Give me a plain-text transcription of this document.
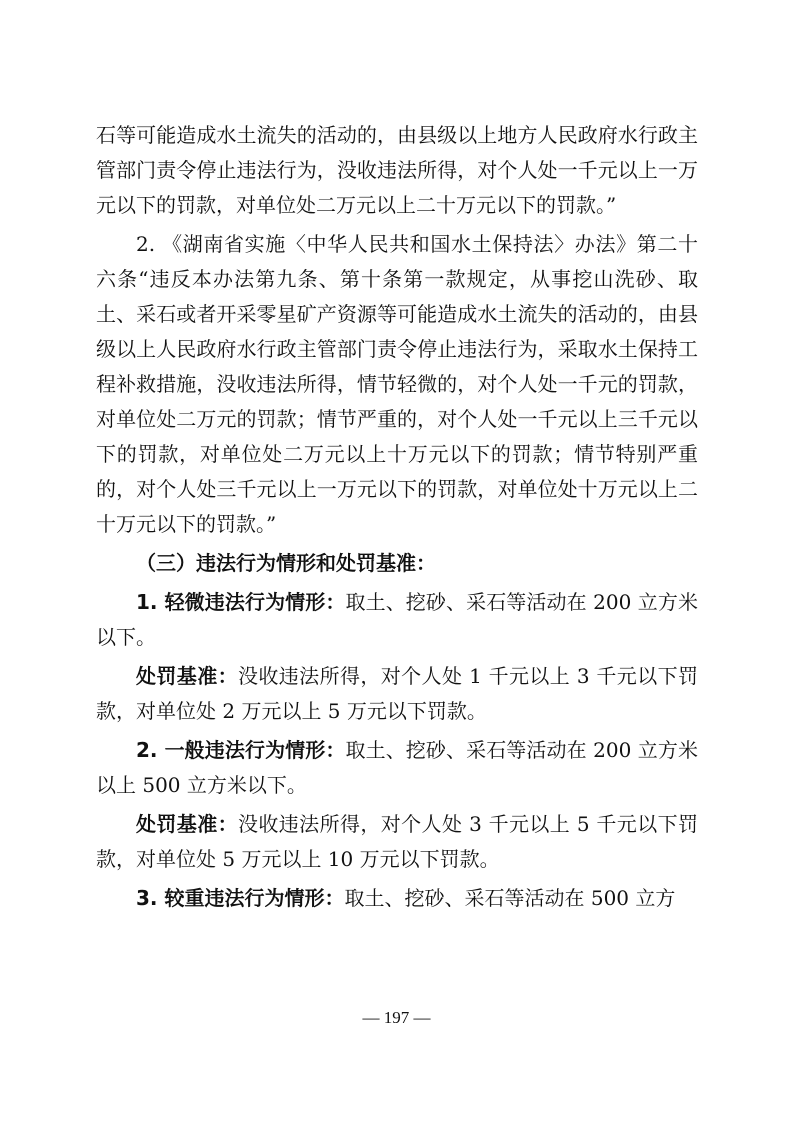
石等可能造成水土流失的活动的，由县级以上地方人民政府水行政主管部门责令停止违法行为，没收违法所得，对个人处一千元以上一万元以下的罚款，对单位处二万元以上二十万元以下的罚款。”

2. 《湖南省实施〈中华人民共和国水土保持法〉办法》第二十六条“违反本办法第九条、第十条第一款规定，从事挖山洗砂、取土、采石或者开采零星矿产资源等可能造成水土流失的活动的，由县级以上人民政府水行政主管部门责令停止违法行为，采取水土保持工程补救措施，没收违法所得，情节轻微的，对个人处一千元的罚款，对单位处二万元的罚款；情节严重的，对个人处一千元以上三千元以下的罚款，对单位处二万元以上十万元以下的罚款；情节特别严重的，对个人处三千元以上一万元以下的罚款，对单位处十万元以上二十万元以下的罚款。”

（三）违法行为情形和处罚基准：

1. 轻微违法行为情形：取土、挖砂、采石等活动在 200 立方米以下。

处罚基准：没收违法所得，对个人处 1 千元以上 3 千元以下罚款，对单位处 2 万元以上 5 万元以下罚款。

2. 一般违法行为情形：取土、挖砂、采石等活动在 200 立方米以上 500 立方米以下。

处罚基准：没收违法所得，对个人处 3 千元以上 5 千元以下罚款，对单位处 5 万元以上 10 万元以下罚款。

3. 较重违法行为情形：取土、挖砂、采石等活动在 500 立方

— 197 —
